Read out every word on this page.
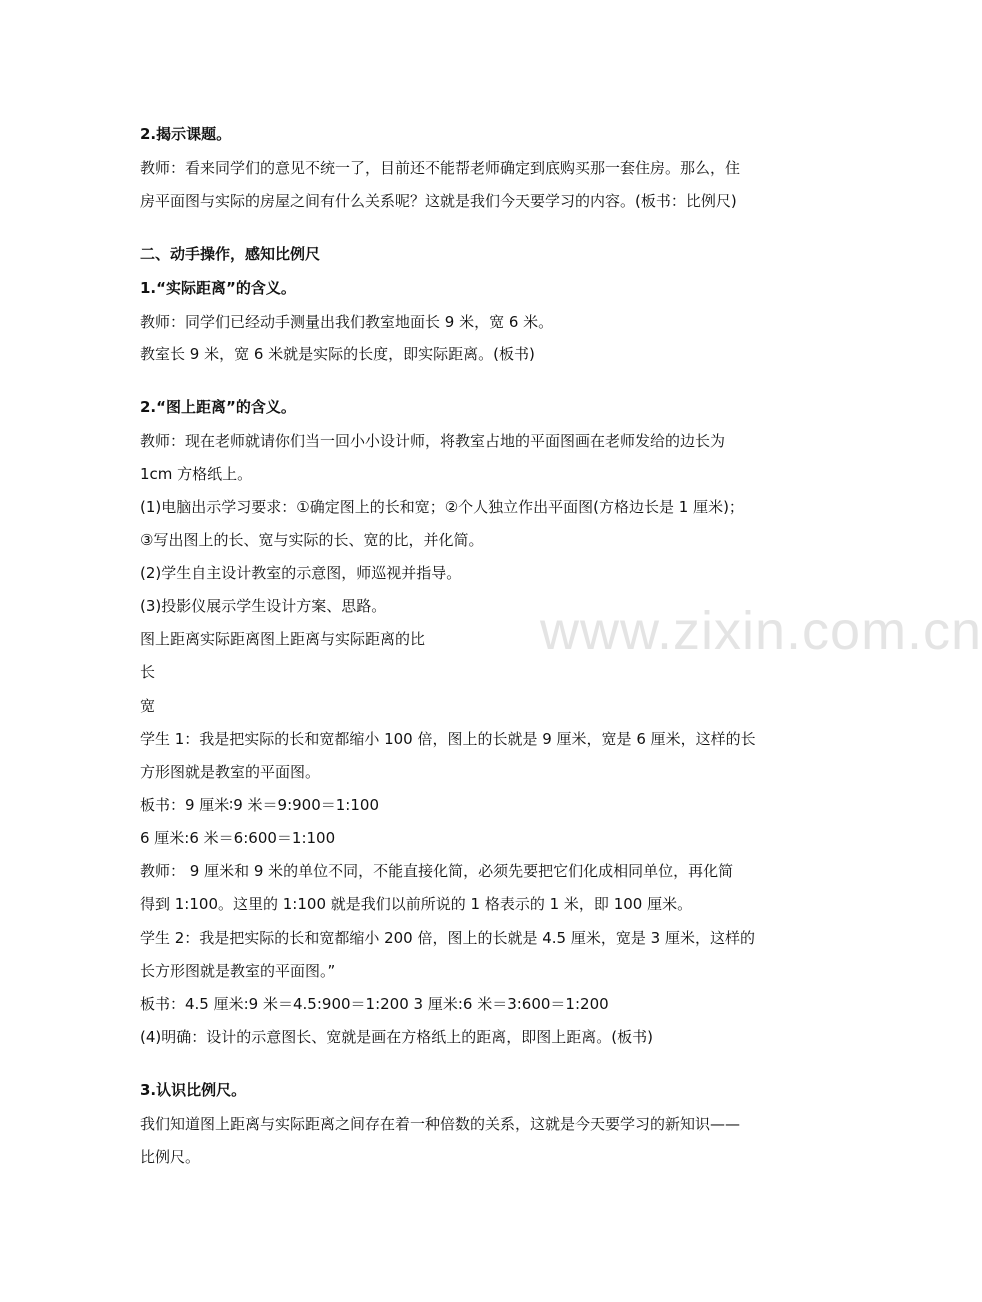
www.zixin.com.cn
2.揭示课题。
教师：看来同学们的意见不统一了，目前还不能帮老师确定到底购买那一套住房。那么，住
房平面图与实际的房屋之间有什么关系呢？这就是我们今天要学习的内容。(板书：比例尺)
二、动手操作，感知比例尺
1.“实际距离”的含义。
教师：同学们已经动手测量出我们教室地面长 9 米，宽 6 米。
教室长 9 米，宽 6 米就是实际的长度，即实际距离。(板书)
2.“图上距离”的含义。
教师：现在老师就请你们当一回小小设计师，将教室占地的平面图画在老师发给的边长为
1cm 方格纸上。
(1)电脑出示学习要求：①确定图上的长和宽；②个人独立作出平面图(方格边长是 1 厘米)；
③写出图上的长、宽与实际的长、宽的比，并化简。
(2)学生自主设计教室的示意图，师巡视并指导。
(3)投影仪展示学生设计方案、思路。
图上距离实际距离图上距离与实际距离的比
长
宽
学生 1：我是把实际的长和宽都缩小 100 倍，图上的长就是 9 厘米，宽是 6 厘米，这样的长
方形图就是教室的平面图。
板书：9 厘米∶9 米＝9:900＝1:100
6 厘米:6 米＝6:600＝1:100
教师： 9 厘米和 9 米的单位不同，不能直接化简，必须先要把它们化成相同单位，再化简
得到 1:100。这里的 1:100 就是我们以前所说的 1 格表示的 1 米，即 100 厘米。
学生 2：我是把实际的长和宽都缩小 200 倍，图上的长就是 4.5 厘米，宽是 3 厘米，这样的
长方形图就是教室的平面图。”
板书：4.5 厘米:9 米＝4.5:900＝1:200 3 厘米:6 米＝3:600＝1:200
(4)明确：设计的示意图长、宽就是画在方格纸上的距离，即图上距离。(板书)
3.认识比例尺。
我们知道图上距离与实际距离之间存在着一种倍数的关系，这就是今天要学习的新知识——
比例尺。
